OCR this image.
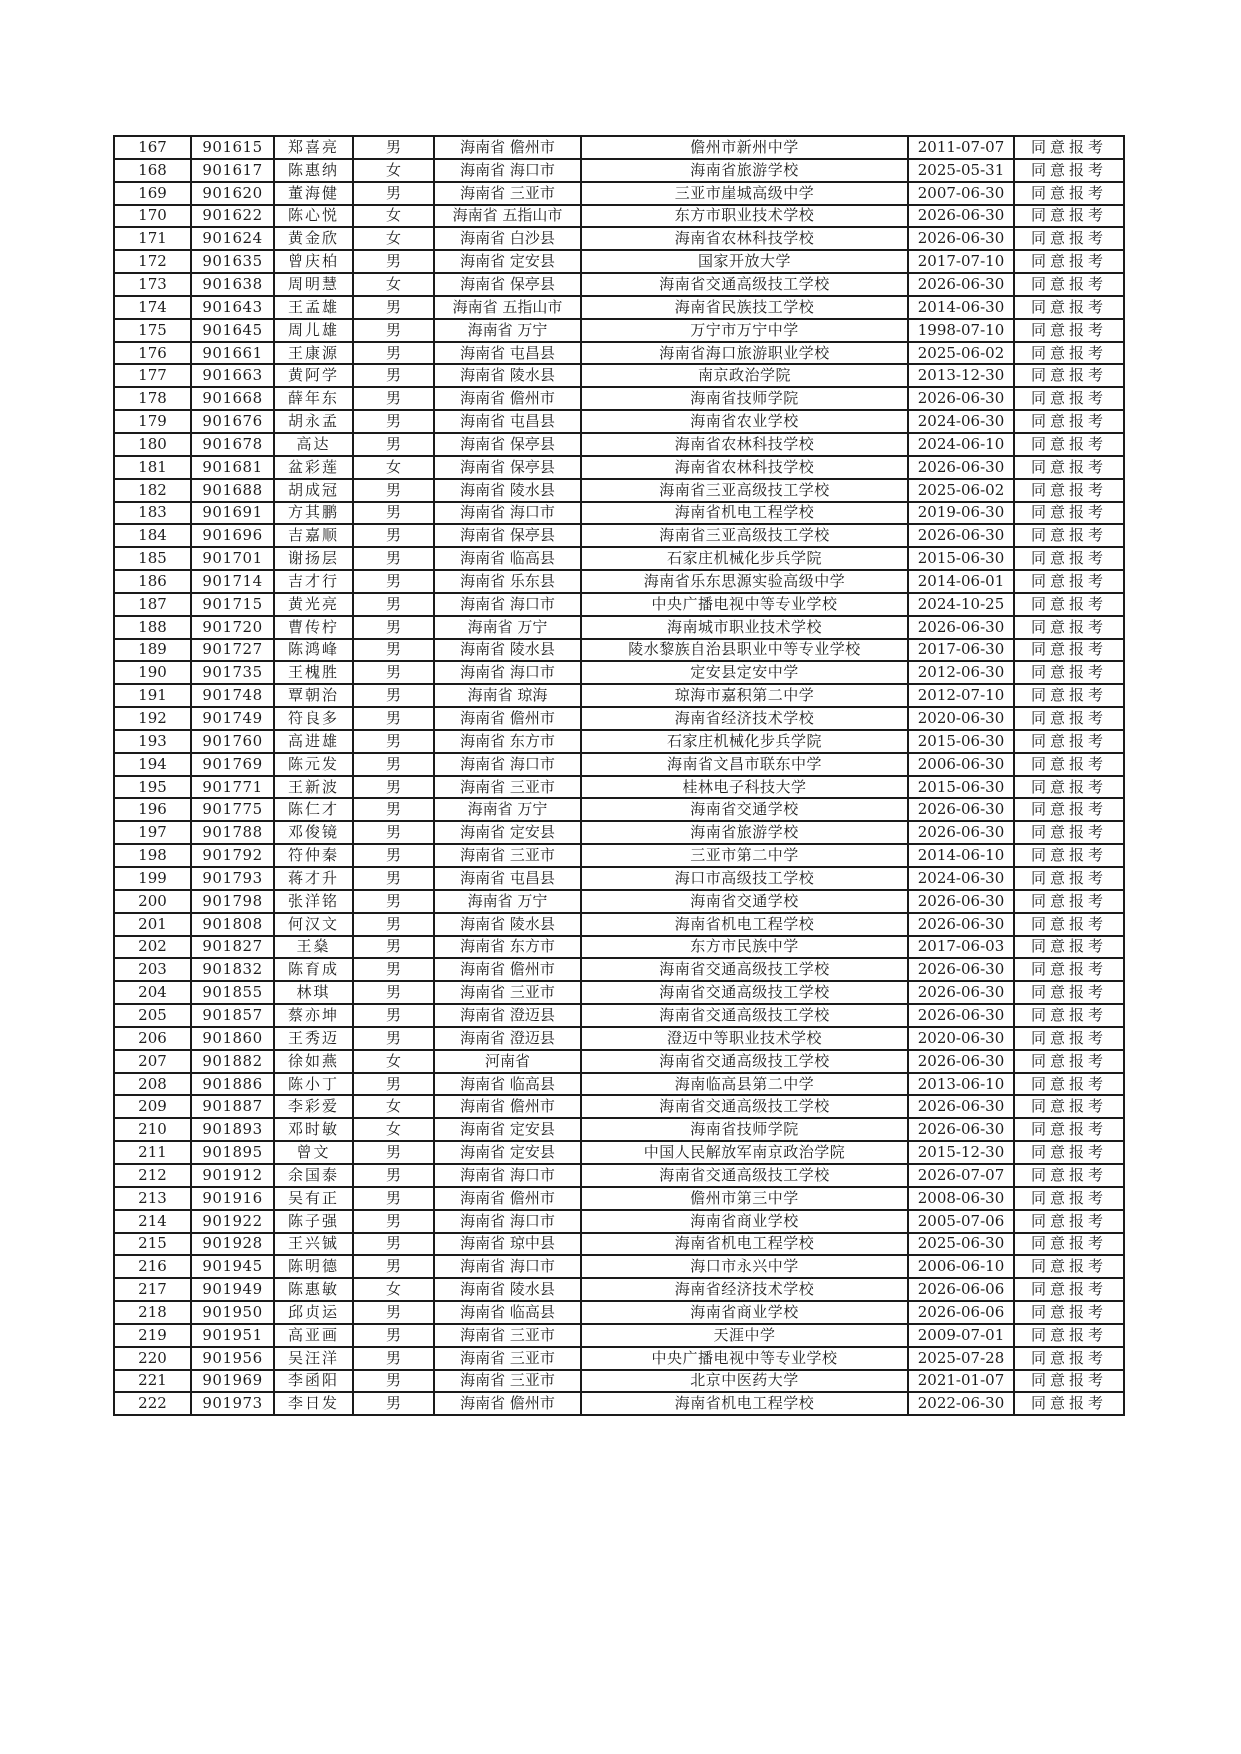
167	901615	郑喜亮	男	海南省 儋州市	儋州市新州中学	2011-07-07	同意报考
168	901617	陈惠纳	女	海南省 海口市	海南省旅游学校	2025-05-31	同意报考
169	901620	董海健	男	海南省 三亚市	三亚市崖城高级中学	2007-06-30	同意报考
170	901622	陈心悦	女	海南省 五指山市	东方市职业技术学校	2026-06-30	同意报考
171	901624	黄金欣	女	海南省 白沙县	海南省农林科技学校	2026-06-30	同意报考
172	901635	曾庆柏	男	海南省 定安县	国家开放大学	2017-07-10	同意报考
173	901638	周明慧	女	海南省 保亭县	海南省交通高级技工学校	2026-06-30	同意报考
174	901643	王孟雄	男	海南省 五指山市	海南省民族技工学校	2014-06-30	同意报考
175	901645	周儿雄	男	海南省 万宁	万宁市万宁中学	1998-07-10	同意报考
176	901661	王康源	男	海南省 屯昌县	海南省海口旅游职业学校	2025-06-02	同意报考
177	901663	黄阿学	男	海南省 陵水县	南京政治学院	2013-12-30	同意报考
178	901668	薛年东	男	海南省 儋州市	海南省技师学院	2026-06-30	同意报考
179	901676	胡永孟	男	海南省 屯昌县	海南省农业学校	2024-06-30	同意报考
180	901678	高达	男	海南省 保亭县	海南省农林科技学校	2024-06-10	同意报考
181	901681	盆彩莲	女	海南省 保亭县	海南省农林科技学校	2026-06-30	同意报考
182	901688	胡成冠	男	海南省 陵水县	海南省三亚高级技工学校	2025-06-02	同意报考
183	901691	方其鹏	男	海南省 海口市	海南省机电工程学校	2019-06-30	同意报考
184	901696	吉嘉顺	男	海南省 保亭县	海南省三亚高级技工学校	2026-06-30	同意报考
185	901701	谢扬层	男	海南省 临高县	石家庄机械化步兵学院	2015-06-30	同意报考
186	901714	吉才行	男	海南省 乐东县	海南省乐东思源实验高级中学	2014-06-01	同意报考
187	901715	黄光亮	男	海南省 海口市	中央广播电视中等专业学校	2024-10-25	同意报考
188	901720	曹传柠	男	海南省 万宁	海南城市职业技术学校	2026-06-30	同意报考
189	901727	陈鸿峰	男	海南省 陵水县	陵水黎族自治县职业中等专业学校	2017-06-30	同意报考
190	901735	王槐胜	男	海南省 海口市	定安县定安中学	2012-06-30	同意报考
191	901748	覃朝治	男	海南省 琼海	琼海市嘉积第二中学	2012-07-10	同意报考
192	901749	符良多	男	海南省 儋州市	海南省经济技术学校	2020-06-30	同意报考
193	901760	高进雄	男	海南省 东方市	石家庄机械化步兵学院	2015-06-30	同意报考
194	901769	陈元发	男	海南省 海口市	海南省文昌市联东中学	2006-06-30	同意报考
195	901771	王新波	男	海南省 三亚市	桂林电子科技大学	2015-06-30	同意报考
196	901775	陈仁才	男	海南省 万宁	海南省交通学校	2026-06-30	同意报考
197	901788	邓俊镜	男	海南省 定安县	海南省旅游学校	2026-06-30	同意报考
198	901792	符仲秦	男	海南省 三亚市	三亚市第二中学	2014-06-10	同意报考
199	901793	蒋才升	男	海南省 屯昌县	海口市高级技工学校	2024-06-30	同意报考
200	901798	张洋铭	男	海南省 万宁	海南省交通学校	2026-06-30	同意报考
201	901808	何汉文	男	海南省 陵水县	海南省机电工程学校	2026-06-30	同意报考
202	901827	王燊	男	海南省 东方市	东方市民族中学	2017-06-03	同意报考
203	901832	陈育成	男	海南省 儋州市	海南省交通高级技工学校	2026-06-30	同意报考
204	901855	林琪	男	海南省 三亚市	海南省交通高级技工学校	2026-06-30	同意报考
205	901857	蔡亦坤	男	海南省 澄迈县	海南省交通高级技工学校	2026-06-30	同意报考
206	901860	王秀迈	男	海南省 澄迈县	澄迈中等职业技术学校	2020-06-30	同意报考
207	901882	徐如燕	女	河南省	海南省交通高级技工学校	2026-06-30	同意报考
208	901886	陈小丁	男	海南省 临高县	海南临高县第二中学	2013-06-10	同意报考
209	901887	李彩爱	女	海南省 儋州市	海南省交通高级技工学校	2026-06-30	同意报考
210	901893	邓时敏	女	海南省 定安县	海南省技师学院	2026-06-30	同意报考
211	901895	曾文	男	海南省 定安县	中国人民解放军南京政治学院	2015-12-30	同意报考
212	901912	余国泰	男	海南省 海口市	海南省交通高级技工学校	2026-07-07	同意报考
213	901916	吴有正	男	海南省 儋州市	儋州市第三中学	2008-06-30	同意报考
214	901922	陈子强	男	海南省 海口市	海南省商业学校	2005-07-06	同意报考
215	901928	王兴铖	男	海南省 琼中县	海南省机电工程学校	2025-06-30	同意报考
216	901945	陈明德	男	海南省 海口市	海口市永兴中学	2006-06-10	同意报考
217	901949	陈惠敏	女	海南省 陵水县	海南省经济技术学校	2026-06-06	同意报考
218	901950	邱贞运	男	海南省 临高县	海南省商业学校	2026-06-06	同意报考
219	901951	高亚画	男	海南省 三亚市	天涯中学	2009-07-01	同意报考
220	901956	吴汪洋	男	海南省 三亚市	中央广播电视中等专业学校	2025-07-28	同意报考
221	901969	李函阳	男	海南省 三亚市	北京中医药大学	2021-01-07	同意报考
222	901973	李日发	男	海南省 儋州市	海南省机电工程学校	2022-06-30	同意报考
